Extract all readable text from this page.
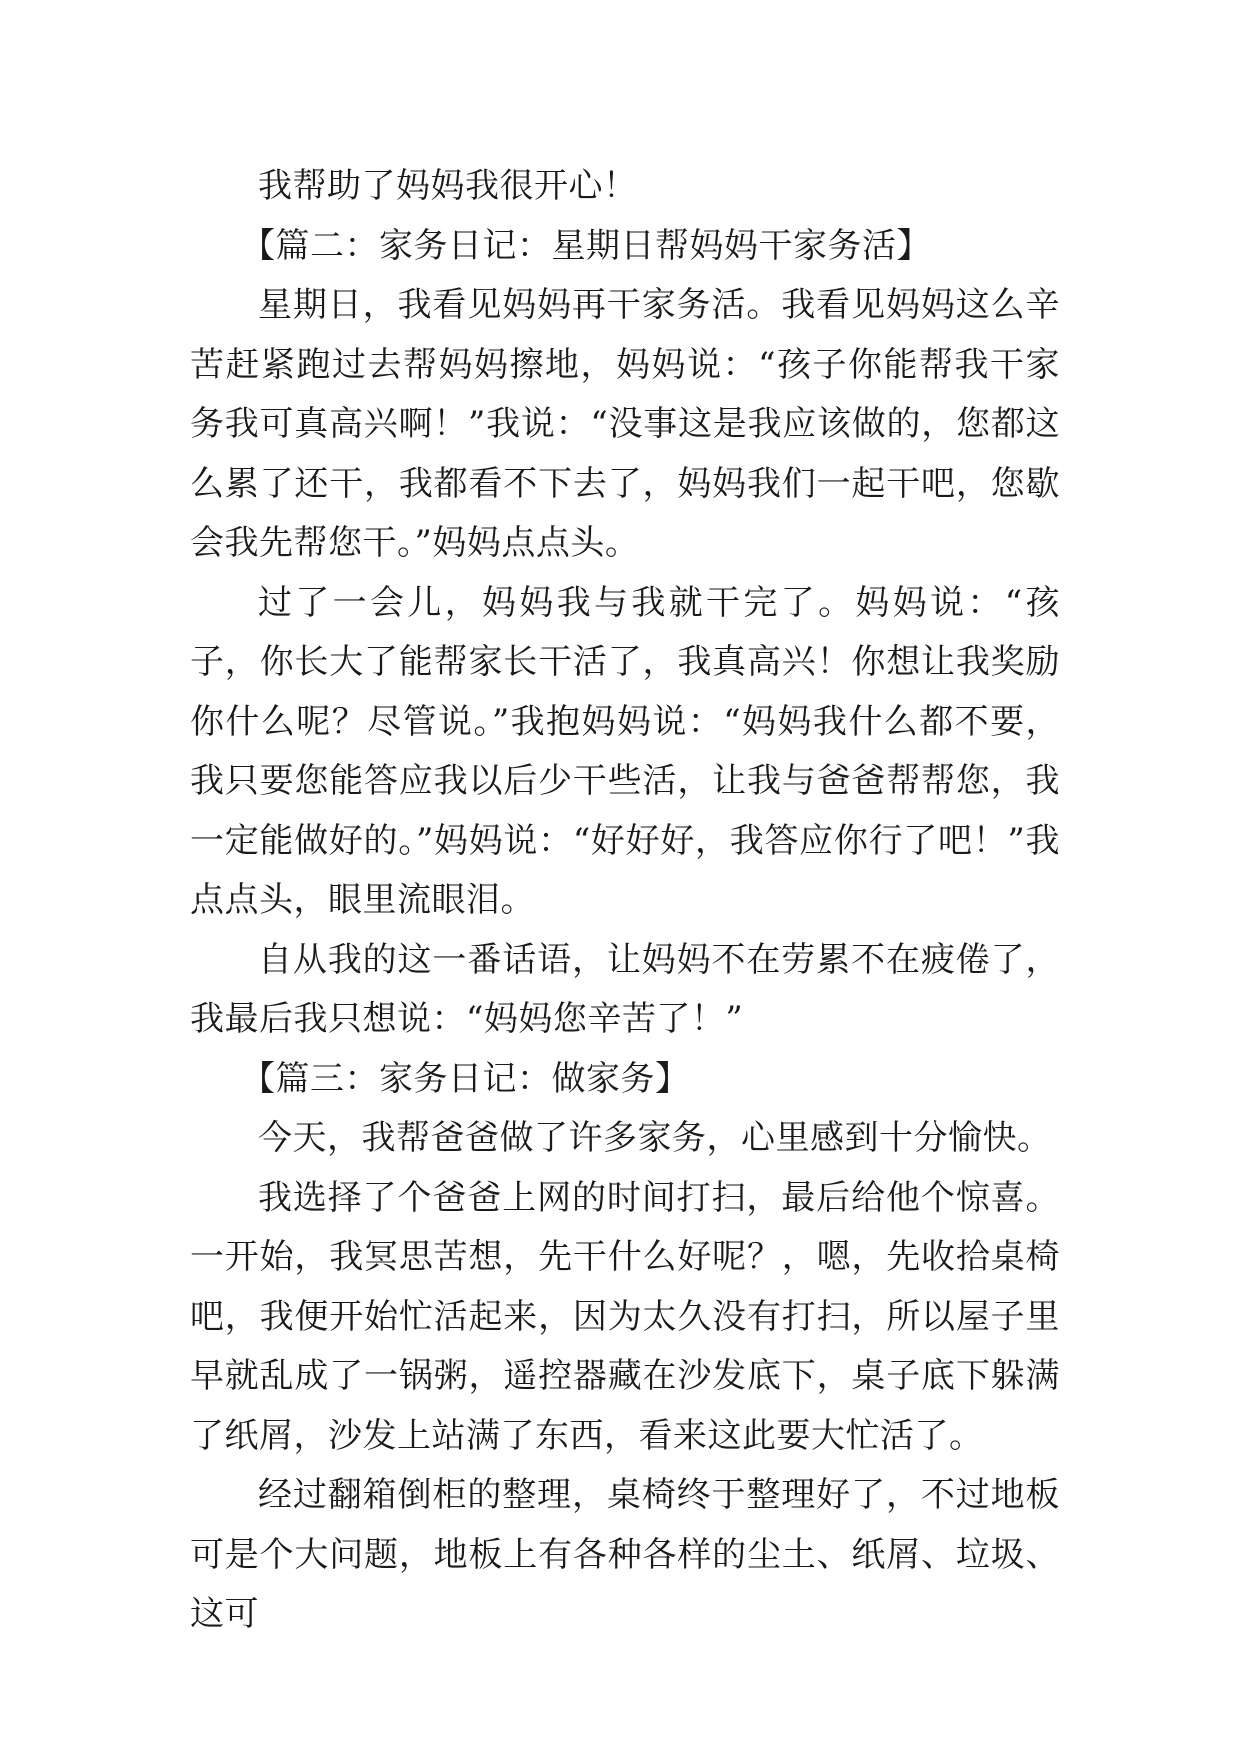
我帮助了妈妈我很开心！

【篇二：家务日记：星期日帮妈妈干家务活】

星期日，我看见妈妈再干家务活。我看见妈妈这么辛苦赶紧跑过去帮妈妈擦地，妈妈说：“孩子你能帮我干家务我可真高兴啊！”我说：“没事这是我应该做的，您都这么累了还干，我都看不下去了，妈妈我们一起干吧，您歇会我先帮您干。”妈妈点点头。

过了一会儿，妈妈我与我就干完了。妈妈说：“孩子，你长大了能帮家长干活了，我真高兴！你想让我奖励你什么呢？尽管说。”我抱妈妈说：“妈妈我什么都不要，我只要您能答应我以后少干些活，让我与爸爸帮帮您，我一定能做好的。”妈妈说：“好好好，我答应你行了吧！”我点点头，眼里流眼泪。

自从我的这一番话语，让妈妈不在劳累不在疲倦了，我最后我只想说：“妈妈您辛苦了！”

【篇三：家务日记：做家务】

今天，我帮爸爸做了许多家务，心里感到十分愉快。

我选择了个爸爸上网的时间打扫，最后给他个惊喜。一开始，我冥思苦想，先干什么好呢？，嗯，先收拾桌椅吧，我便开始忙活起来，因为太久没有打扫，所以屋子里早就乱成了一锅粥，遥控器藏在沙发底下，桌子底下躲满了纸屑，沙发上站满了东西，看来这此要大忙活了。

经过翻箱倒柜的整理，桌椅终于整理好了，不过地板可是个大问题，地板上有各种各样的尘土、纸屑、垃圾、这可
